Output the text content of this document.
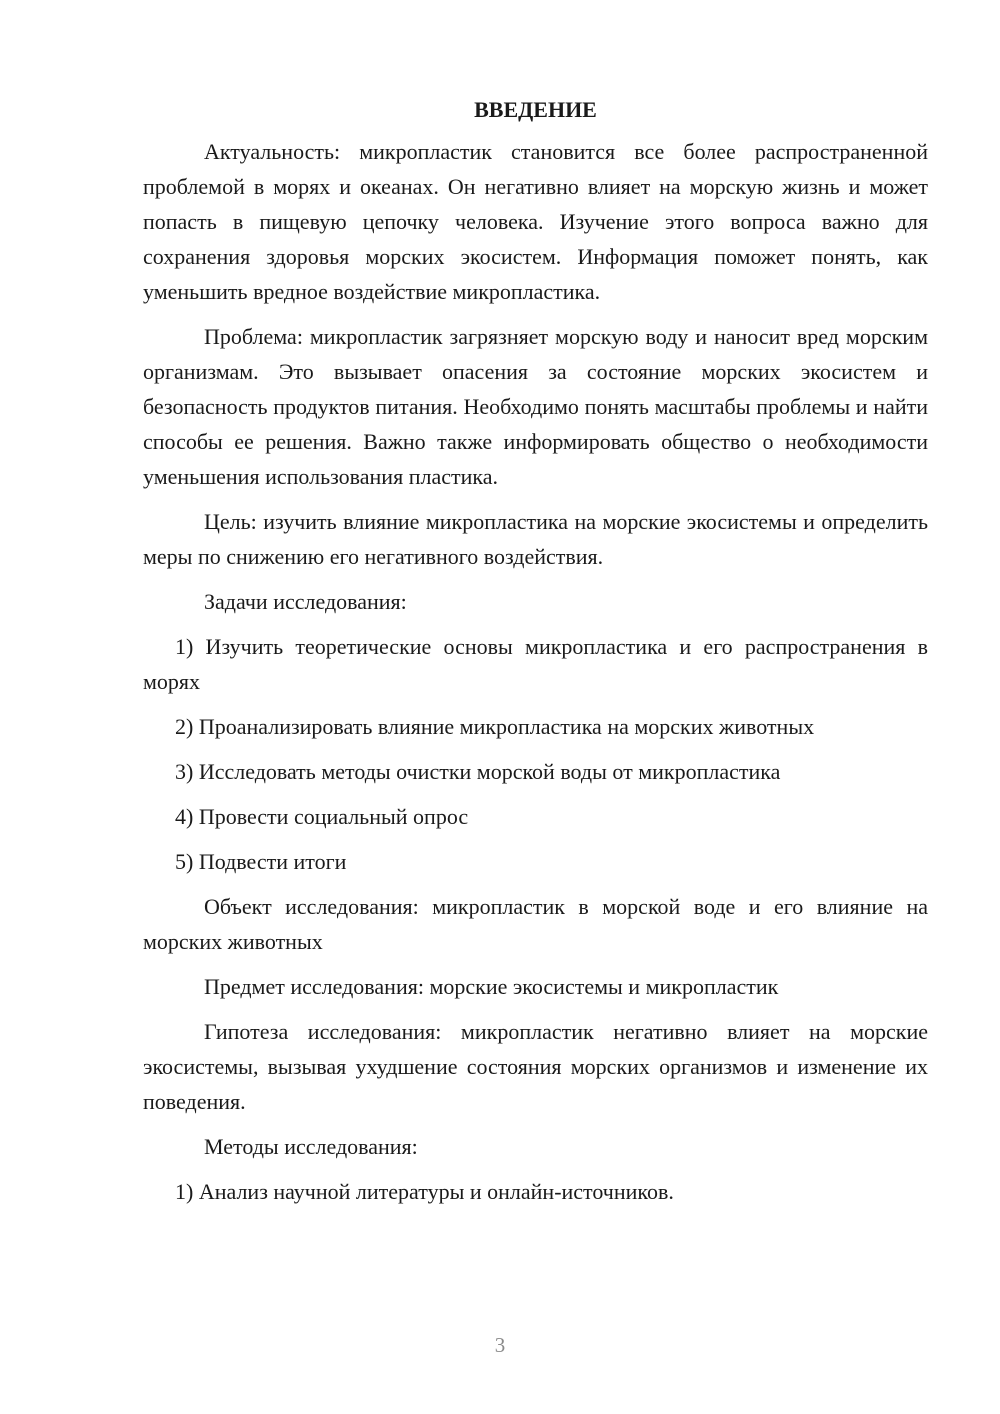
ВВЕДЕНИЕ

Актуальность: микропластик становится все более распространенной проблемой в морях и океанах. Он негативно влияет на морскую жизнь и может попасть в пищевую цепочку человека. Изучение этого вопроса важно для сохранения здоровья морских экосистем. Информация поможет понять, как уменьшить вредное воздействие микропластика.

Проблема: микропластик загрязняет морскую воду и наносит вред морским организмам. Это вызывает опасения за состояние морских экосистем и безопасность продуктов питания. Необходимо понять масштабы проблемы и найти способы ее решения. Важно также информировать общество о необходимости уменьшения использования пластика.

Цель: изучить влияние микропластика на морские экосистемы и определить меры по снижению его негативного воздействия.

Задачи исследования:

1) Изучить теоретические основы микропластика и его распространения в морях

2) Проанализировать влияние микропластика на морских животных

3) Исследовать методы очистки морской воды от микропластика

4) Провести социальный опрос

5) Подвести итоги

Объект исследования: микропластик в морской воде и его влияние на морских животных

Предмет исследования: морские экосистемы и микропластик

Гипотеза исследования: микропластик негативно влияет на морские экосистемы, вызывая ухудшение состояния морских организмов и изменение их поведения.

Методы исследования:

1) Анализ научной литературы и онлайн-источников.

3
